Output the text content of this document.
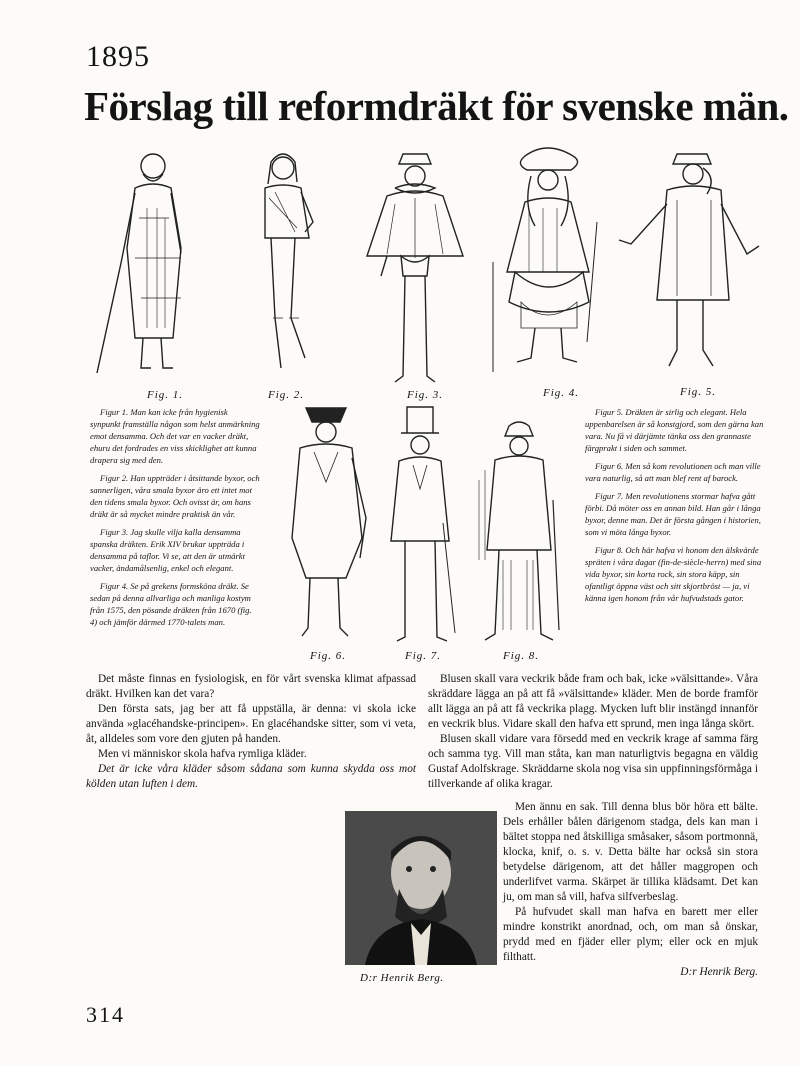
1895
Förslag till reformdräkt för svenske män.
Fig. 1.	Fig. 2.	Fig. 3.	Fig. 4.	Fig. 5.
Fig. 6.	Fig. 7.	Fig. 8.

Figur 1. Man kan icke från hygienisk synpunkt framställa någon som helst anmärkning emot densamma. Och det var en vacker dräkt, ehuru det fordrades en viss skicklighet att kunna drapera sig med den.

Figur 2. Han uppträder i åtsittande byxor, och sannerligen, våra smala byxor äro ett intet mot den tidens smala byxor. Och ovisst är, om hans dräkt är så mycket mindre praktisk än vår.

Figur 3. Jag skulle vilja kalla densamma spanska dräkten. Erik XIV brukar uppträda i densamma på taflor. Vi se, att den är utmärkt vacker, ändamålsenlig, enkel och elegant.

Figur 4. Se på grekens formsköna dräkt. Se sedan på denna allvarliga och manliga kostym från 1575, den pösande dräkten från 1670 (fig. 4) och jämför därmed 1770-talets man.

Figur 5. Dräkten är sirlig och elegant. Hela uppenbarelsen är så konstgjord, som den gärna kan vara. Nu få vi därjämte tänka oss den grannaste färgprakt i siden och sammet.

Figur 6. Men så kom revolutionen och man ville vara naturlig, så att man blef rent af barock.

Figur 7. Men revolutionens stormar hafva gått förbi. Då möter oss en annan bild. Han går i långa byxor, denne man. Det är första gången i historien, som vi möta långa byxor.

Figur 8. Och här hafva vi honom den älskvärde spräten i våra dagar (fin-de-siècle-herrn) med sina vida byxor, sin korta rock, sin stora käpp, sin ofantligt öppna väst och sitt skjortbröst — ja, vi känna igen honom från vår hufvudstads gator.

Det måste finnas en fysiologisk, en för vårt svenska klimat afpassad dräkt. Hvilken kan det vara?

Den första sats, jag ber att få uppställa, är denna: vi skola icke använda »glacéhandske-principen». En glacéhandske sitter, som vi veta, åt, alldeles som vore den gjuten på handen.

Men vi människor skola hafva rymliga kläder.

Det är icke våra kläder såsom sådana som kunna skydda oss mot kölden utan luften i dem.

Blusen skall vara veckrik både fram och bak, icke »välsittande». Våra skräddare lägga an på att få »välsittande» kläder. Men de borde framför allt lägga an på att få veckrika plagg. Mycken luft blir instängd innanför en veckrik blus. Vidare skall den hafva ett sprund, men inga långa skört.

Blusen skall vidare vara försedd med en veckrik krage af samma färg och samma tyg. Vill man ståta, kan man naturligtvis begagna en väldig Gustaf Adolfskrage. Skräddarne skola nog visa sin uppfinningsförmåga i tillverkande af olika kragar.

Men ännu en sak. Till denna blus bör höra ett bälte. Dels erhåller bålen därigenom stadga, dels kan man i bältet stoppa ned åtskilliga småsaker, såsom portmonnä, klocka, knif, o. s. v. Detta bälte har också sin stora betydelse därigenom, att det håller maggropen och underlifvet varma. Skärpet är tillika klädsamt. Det kan ju, om man så vill, hafva silfverbeslag.

På hufvudet skall man hafva en barett mer eller mindre konstrikt anordnad, och, om man så önskar, prydd med en fjäder eller plym; eller ock en mjuk filthatt.

D:r Henrik Berg.

D:r Henrik Berg.
314
